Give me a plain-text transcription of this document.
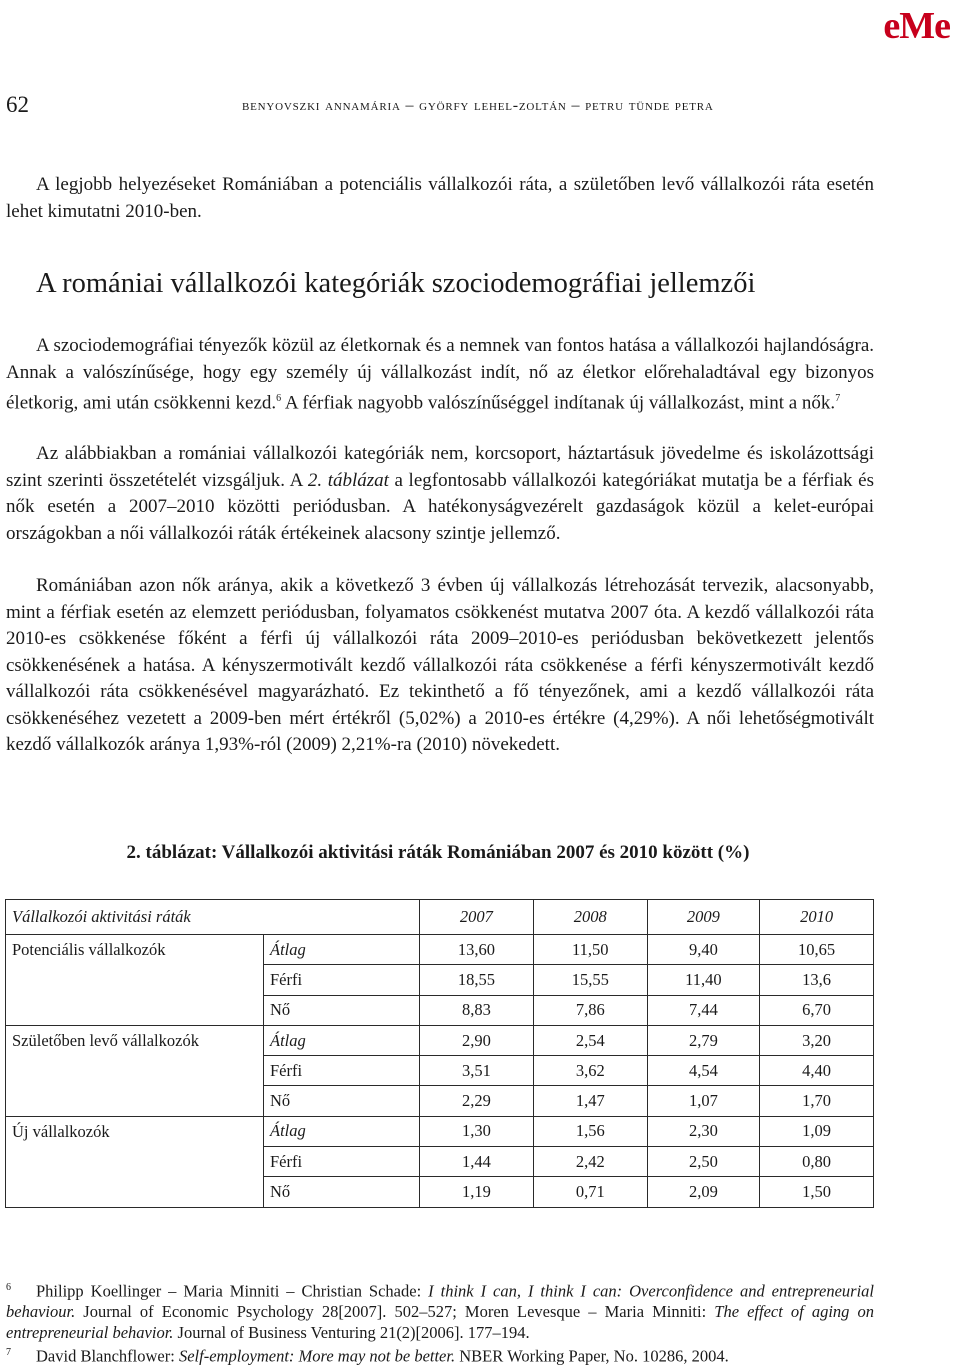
eMe
62	benyovszki annamária – györfy lehel-zoltán – petru tünde petra

A legjobb helyezéseket Romániában a potenciális vállalkozói ráta, a születőben levő vállalkozói ráta esetén lehet kimutatni 2010-ben.

A romániai vállalkozói kategóriák szociodemográfiai jellemzői

A szociodemográfiai tényezők közül az életkornak és a nemnek van fontos hatása a vállalkozói hajlandóságra. Annak a valószínűsége, hogy egy személy új vállalkozást indít, nő az életkor előrehaladtával egy bizonyos életkorig, ami után csökkenni kezd.$^6$ A férfiak nagyobb valószínűséggel indítanak új vállalkozást, mint a nők.$^7$

Az alábbiakban a romániai vállalkozói kategóriák nem, korcsoport, háztartásuk jövedelme és iskolázottsági szint szerinti összetételét vizsgáljuk. A 2. táblázat a legfontosabb vállalkozói kategóriákat mutatja be a férfiak és nők esetén a 2007–2010 közötti periódusban. A hatékonyságvezérelt gazdaságok közül a kelet-európai országokban a női vállalkozói ráták értékeinek alacsony szintje jellemző.

Romániában azon nők aránya, akik a következő 3 évben új vállalkozás létrehozását tervezik, alacsonyabb, mint a férfiak esetén az elemzett periódusban, folyamatos csökkenést mutatva 2007 óta. A kezdő vállalkozói ráta 2010-es csökkenése főként a férfi új vállalkozói ráta 2009–2010-es periódusban bekövetkezett jelentős csökkenésének a hatása. A kényszermotivált kezdő vállalkozói ráta csökkenése a férfi kényszermotivált kezdő vállalkozói ráta csökkenésével magyarázható. Ez tekinthető a fő tényezőnek, ami a kezdő vállalkozói ráta csökkenéséhez vezetett a 2009-ben mért értékről (5,02%) a 2010-es értékre (4,29%). A női lehetőségmotivált kezdő vállalkozók aránya 1,93%-ról (2009) 2,21%-ra (2010) növekedett.

2. táblázat: Vállalkozói aktivitási ráták Romániában 2007 és 2010 között (%)
Vállalkozói aktivitási ráták		2007	2008	2009	2010
Potenciális vállalkozók	Átlag	13,60	11,50	9,40	10,65
	Férfi	18,55	15,55	11,40	13,6
	Nő	8,83	7,86	7,44	6,70
Születőben levő vállalkozók	Átlag	2,90	2,54	2,79	3,20
	Férfi	3,51	3,62	4,54	4,40
	Nő	2,29	1,47	1,07	1,70
Új vállalkozók	Átlag	1,30	1,56	2,30	1,09
	Férfi	1,44	2,42	2,50	0,80
	Nő	1,19	0,71	2,09	1,50

$^6$ Philipp Koellinger – Maria Minniti – Christian Schade: I think I can, I think I can: Overconfidence and entrepreneurial behaviour. Journal of Economic Psychology 28[2007]. 502–527; Moren Levesque – Maria Minniti: The effect of aging on entrepreneurial behavior. Journal of Business Venturing 21(2)[2006]. 177–194.

$^7$ David Blanchflower: Self-employment: More may not be better. NBER Working Paper, No. 10286, 2004.
